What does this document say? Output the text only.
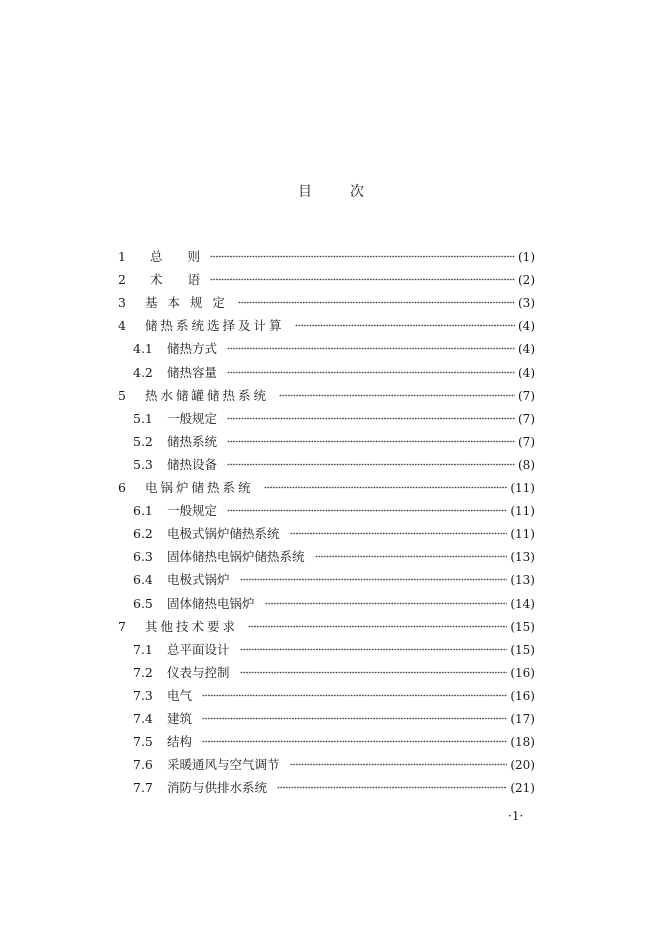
目	次
1 总　　则	(1)
2 术　　语	(2)
3 基 本 规 定	(3)
4 储热系统选择及计算	(4)
4.1 储热方式	(4)
4.2 储热容量	(4)
5 热水储罐储热系统	(7)
5.1 一般规定	(7)
5.2 储热系统	(7)
5.3 储热设备	(8)
6 电锅炉储热系统	(11)
6.1 一般规定	(11)
6.2 电极式锅炉储热系统	(11)
6.3 固体储热电锅炉储热系统	(13)
6.4 电极式锅炉	(13)
6.5 固体储热电锅炉	(14)
7 其他技术要求	(15)
7.1 总平面设计	(15)
7.2 仪表与控制	(16)
7.3 电气	(16)
7.4 建筑	(17)
7.5 结构	(18)
7.6 采暖通风与空气调节	(20)
7.7 消防与供排水系统	(21)
·1·
